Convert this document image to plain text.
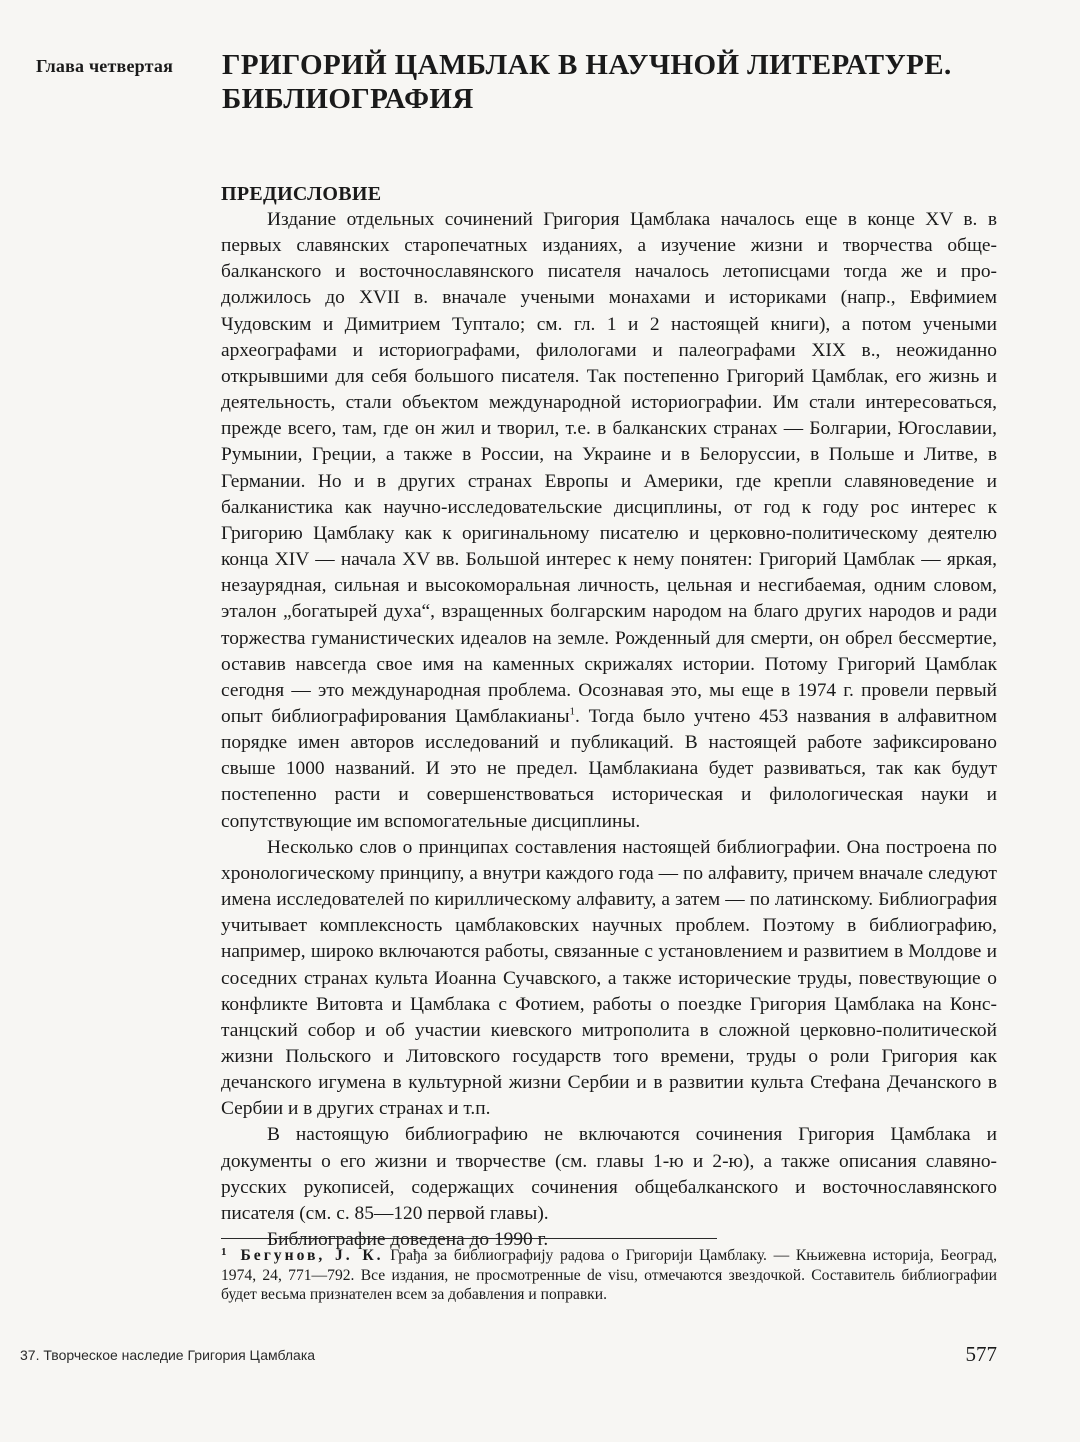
Глава четвертая ГРИГОРИЙ ЦАМБЛАК В НАУЧНОЙ ЛИТЕРАТУРЕ.
БИБЛИОГРАФИЯ
ПРЕДИСЛОВИЕ

Издание отдельных сочинений Григория Цамблака началось еще в конце XV в. в первых славянских старопечатных изданиях, а изучение жизни и творчества общебалканского и восточнославянского писателя началось летописцами тогда же и продолжилось до XVII в. вначале учеными монахами и историками (напр., Евфимием Чудовским и Димитрием Туптало; см. гл. 1 и 2 настоящей книги), а потом учеными археографами и историографами, филологами и палеографами XIX в., неожиданно открывшими для себя большого писателя. Так постепенно Григорий Цамблак, его жизнь и деятельность, стали объектом международной историографии. Им стали интересоваться, прежде всего, там, где он жил и творил, т.е. в балканских странах — Болгарии, Югославии, Румынии, Греции, а также в России, на Украине и в Белоруссии, в Польше и Литве, в Германии. Но и в других странах Европы и Америки, где крепли славяноведение и балканистика как научно-исследовательские дисциплины, от год к году рос интерес к Григорию Цамблаку как к оригинальному писателю и церковно-политическому деятелю конца XIV — начала XV вв. Большой интерес к нему понятен: Григорий Цамблак — яркая, незаурядная, сильная и высокоморальная личность, цельная и несгибаемая, одним словом, эталон „богатырей духа“, взращенных болгарским народом на благо других народов и ради торжества гуманистических идеалов на земле. Рожденный для смерти, он обрел бессмертие, оставив навсегда свое имя на каменных скрижалях истории. Потому Григорий Цамблак сегодня — это международная проблема. Осознавая это, мы еще в 1974 г. провели первый опыт библиографирования Цамблакианы$^1$. Тогда было учтено 453 названия в алфавитном порядке имен авторов исследований и публикаций. В настоящей работе зафиксировано свыше 1000 названий. И это не предел. Цамблакиана будет развиваться, так как будут постепенно расти и совершенствоваться историческая и филологическая науки и сопутствующие им вспомогательные дисциплины.

Несколько слов о принципах составления настоящей библиографии. Она построена по хронологическому принципу, а внутри каждого года — по алфавиту, причем вначале следуют имена исследователей по кириллическому алфавиту, а затем — по латинскому. Библиография учитывает комплексность цамблаковских научных проблем. Поэтому в библиографию, например, широко включаются работы, связанные с установлением и развитием в Молдове и соседних странах культа Иоанна Сучавского, а также исторические труды, повествующие о конфликте Витовта и Цамблака с Фотием, работы о поездке Григория Цамблака на Констанцский собор и об участии киевского митрополита в сложной церковно-политической жизни Польского и Литовского государств того времени, труды о роли Григория как дечанского игумена в культурной жизни Сербии и в развитии культа Стефана Дечанского в Сербии и в других странах и т.п.

В настоящую библиографию не включаются сочинения Григория Цамблака и документы о его жизни и творчестве (см. главы 1-ю и 2-ю), а также описания славяно-русских рукописей, содержащих сочинения общебалканского и восточнославянского писателя (см. с. 85—120 первой главы).

Библиографие доведена до 1990 г.

$^1$ Бегунов, J. К. Грађа за библиографију радова о Григорији Цамблаку. — Књижевна историја, Београд, 1974, 24, 771—792. Все издания, не просмотренные de visu, отмечаются звездочкой. Составитель библиографии будет весьма признателен всем за добавления и поправки.

37. Творческое наследие Григория Цамблака	577
